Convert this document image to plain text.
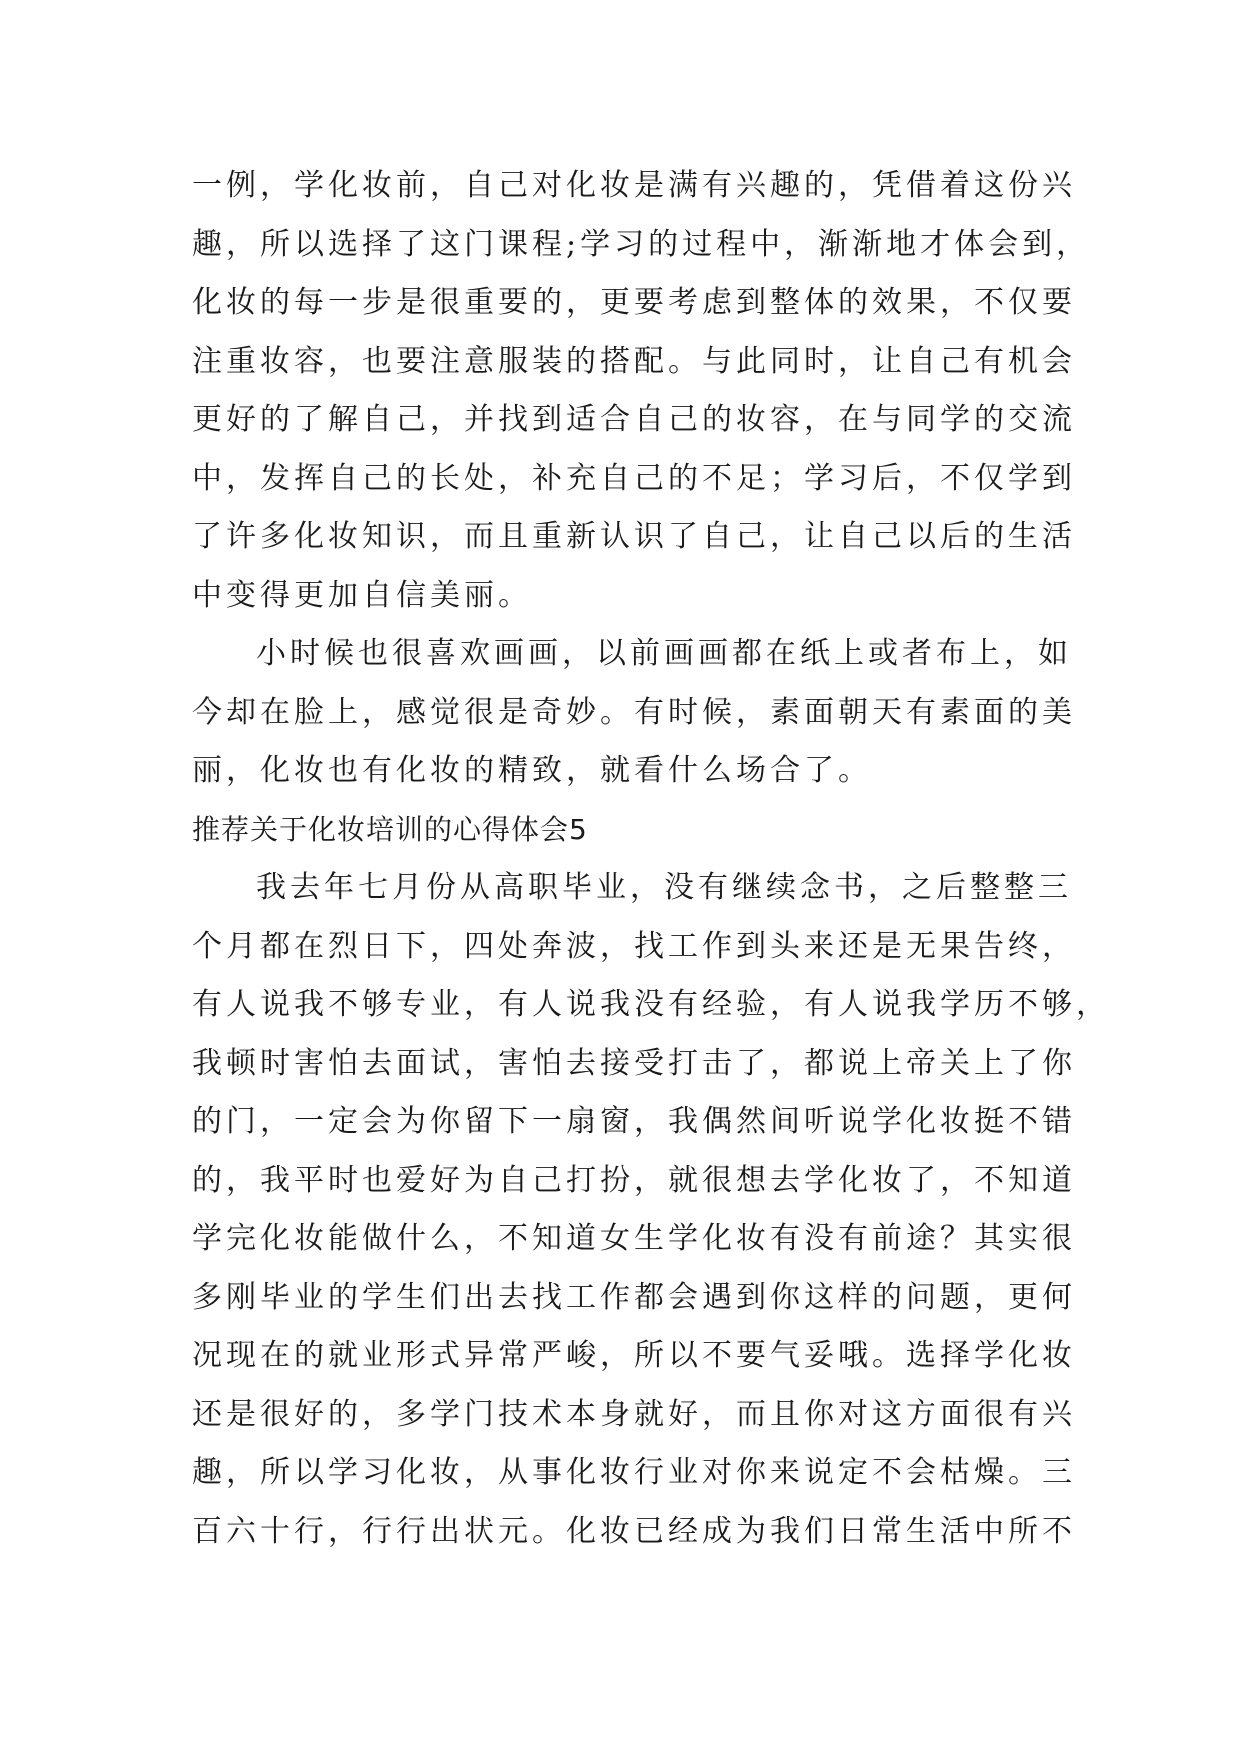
一例，学化妆前，自己对化妆是满有兴趣的，凭借着这份兴
趣，所以选择了这门课程;学习的过程中，渐渐地才体会到，
化妆的每一步是很重要的，更要考虑到整体的效果，不仅要
注重妆容，也要注意服装的搭配。与此同时，让自己有机会
更好的了解自己，并找到适合自己的妆容，在与同学的交流
中，发挥自己的长处，补充自己的不足；学习后，不仅学到
了许多化妆知识，而且重新认识了自己，让自己以后的生活
中变得更加自信美丽。
小时候也很喜欢画画，以前画画都在纸上或者布上，如
今却在脸上，感觉很是奇妙。有时候，素面朝天有素面的美
丽，化妆也有化妆的精致，就看什么场合了。
推荐关于化妆培训的心得体会5
我去年七月份从高职毕业，没有继续念书，之后整整三
个月都在烈日下，四处奔波，找工作到头来还是无果告终，
有人说我不够专业，有人说我没有经验，有人说我学历不够，
我顿时害怕去面试，害怕去接受打击了，都说上帝关上了你
的门，一定会为你留下一扇窗，我偶然间听说学化妆挺不错
的，我平时也爱好为自己打扮，就很想去学化妆了，不知道
学完化妆能做什么，不知道女生学化妆有没有前途？其实很
多刚毕业的学生们出去找工作都会遇到你这样的问题，更何
况现在的就业形式异常严峻，所以不要气妥哦。选择学化妆
还是很好的，多学门技术本身就好，而且你对这方面很有兴
趣，所以学习化妆，从事化妆行业对你来说定不会枯燥。三
百六十行，行行出状元。化妆已经成为我们日常生活中所不
